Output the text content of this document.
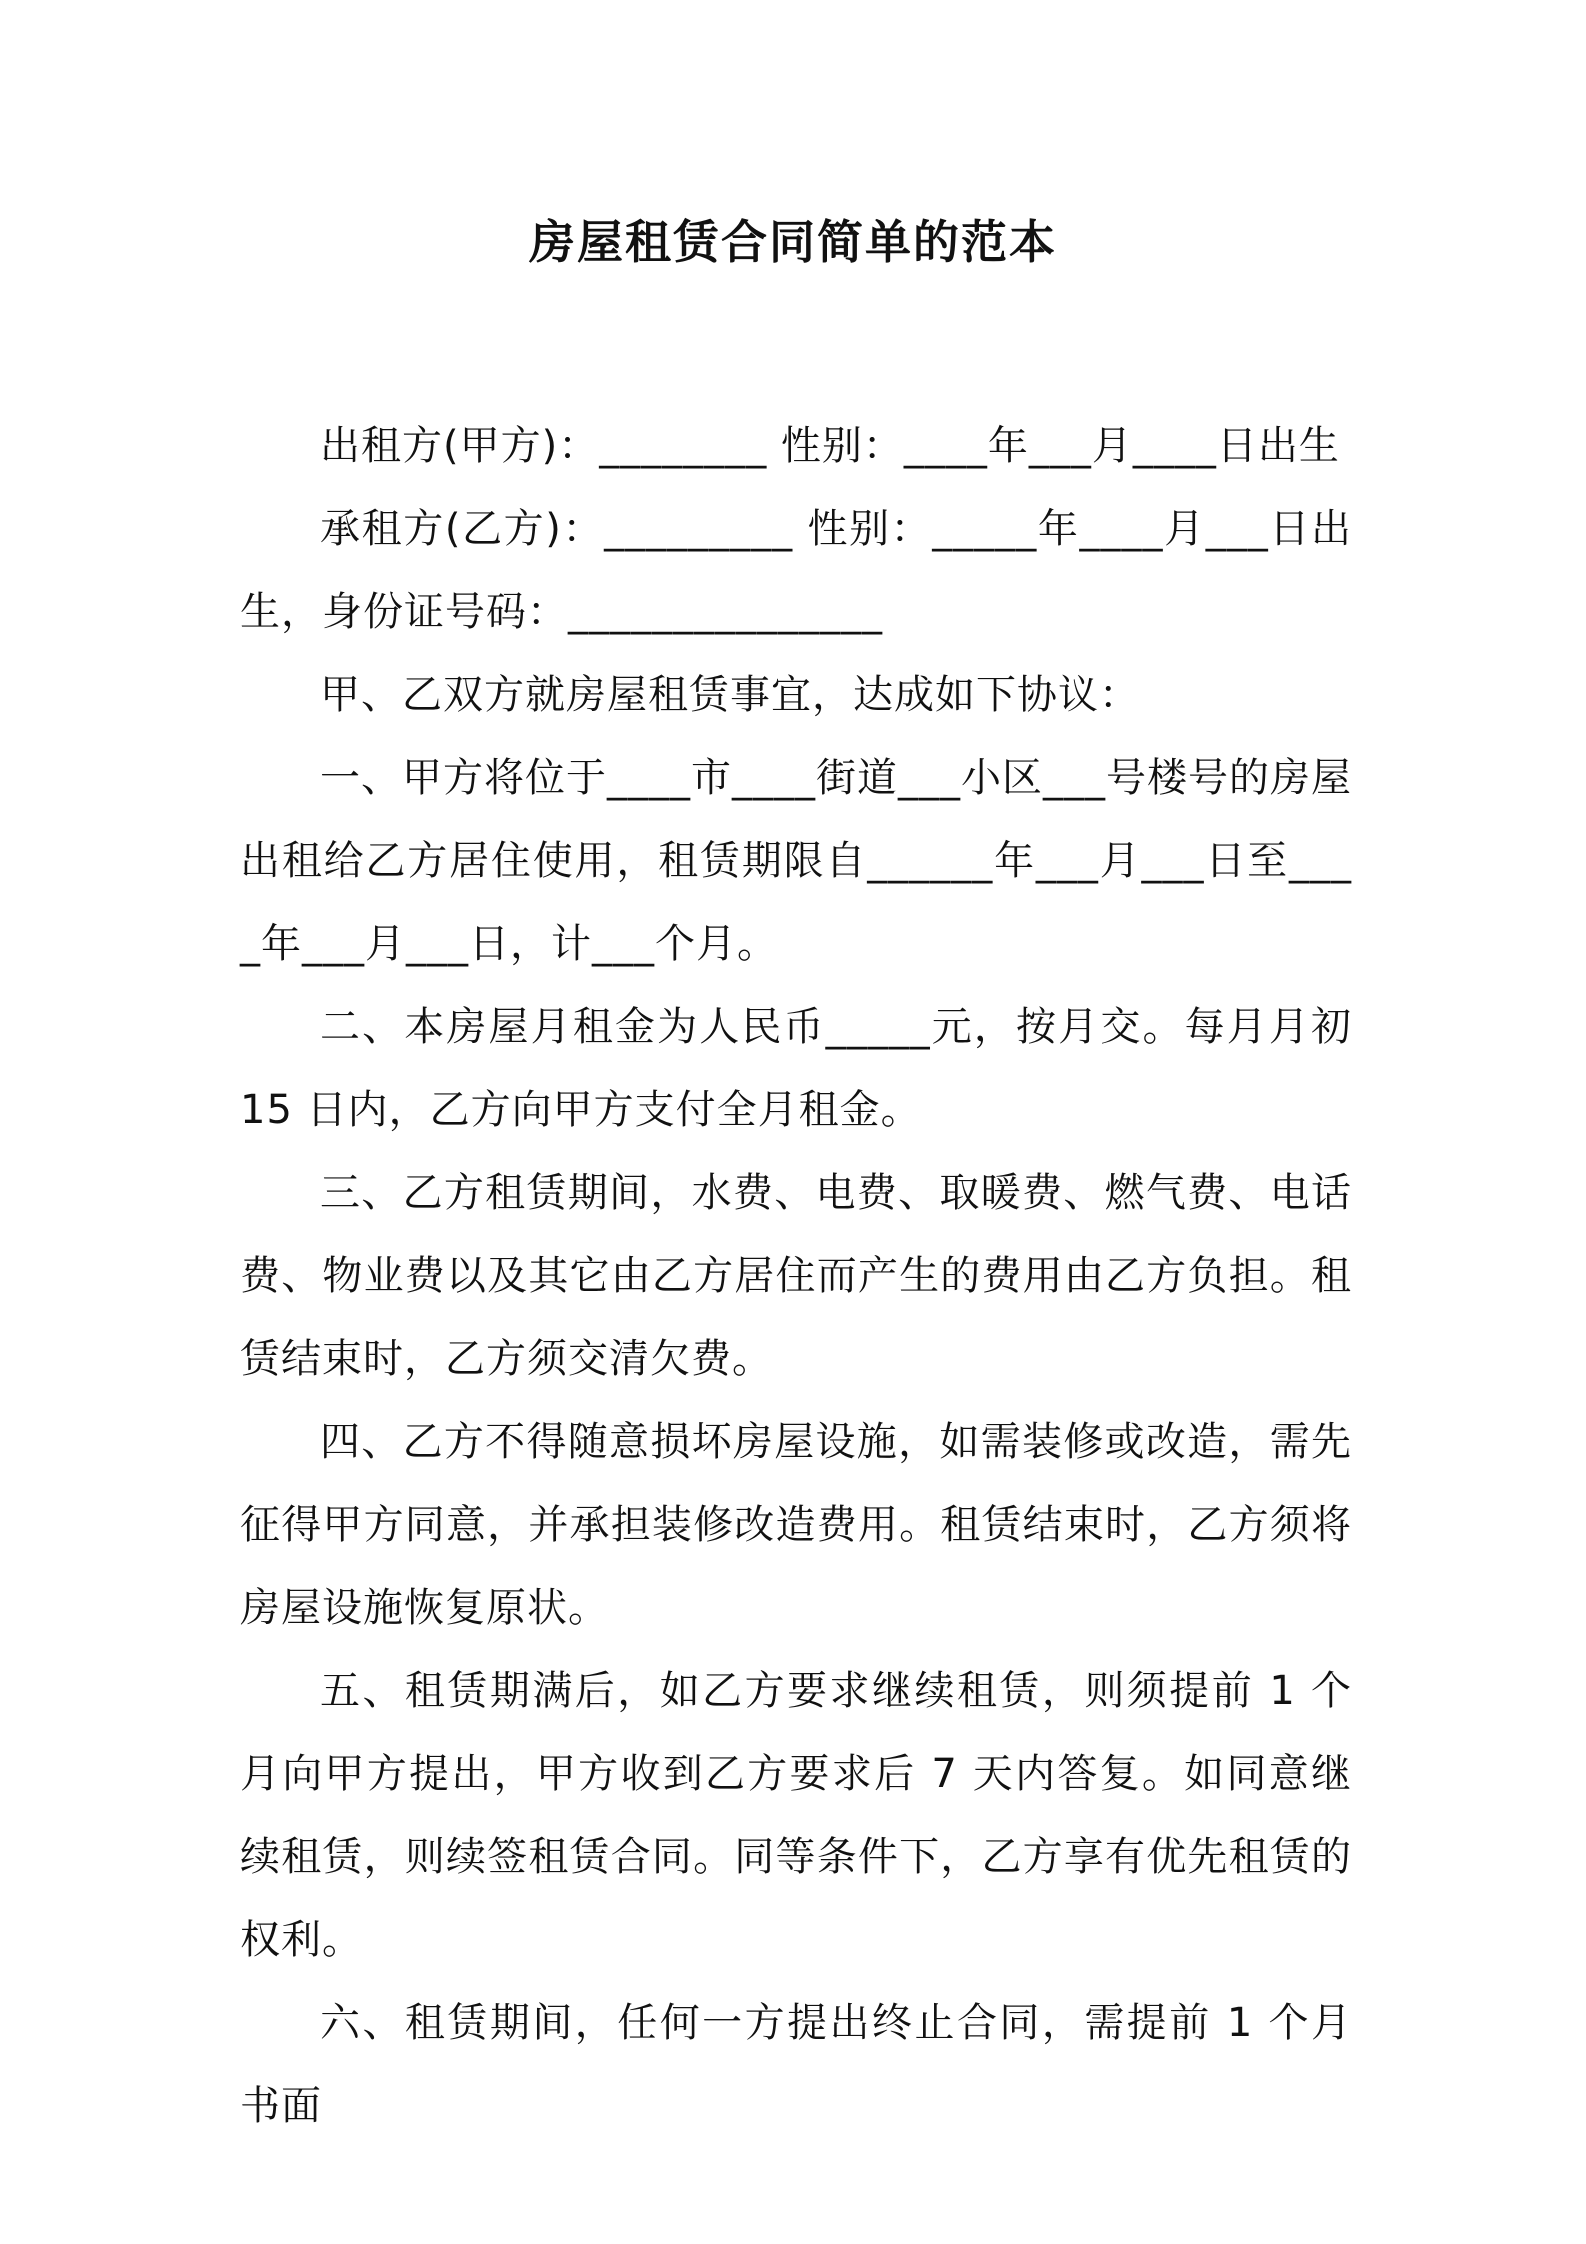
房屋租赁合同简单的范本

出租方(甲方)：________ 性别：____年___月____日出生

承租方(乙方)：_________ 性别：_____年____月___日出生，身份证号码：_______________

甲、乙双方就房屋租赁事宜，达成如下协议：

一、甲方将位于____市____街道___小区___号楼号的房屋出租给乙方居住使用，租赁期限自______年___月___日至____年___月___日，计___个月。

二、本房屋月租金为人民币_____元，按月交。每月月初 15 日内，乙方向甲方支付全月租金。

三、乙方租赁期间，水费、电费、取暖费、燃气费、电话费、物业费以及其它由乙方居住而产生的费用由乙方负担。租赁结束时，乙方须交清欠费。

四、乙方不得随意损坏房屋设施，如需装修或改造，需先征得甲方同意，并承担装修改造费用。租赁结束时，乙方须将房屋设施恢复原状。

五、租赁期满后，如乙方要求继续租赁，则须提前 1 个月向甲方提出，甲方收到乙方要求后 7 天内答复。如同意继续租赁，则续签租赁合同。同等条件下，乙方享有优先租赁的权利。

六、租赁期间，任何一方提出终止合同，需提前 1 个月书面
